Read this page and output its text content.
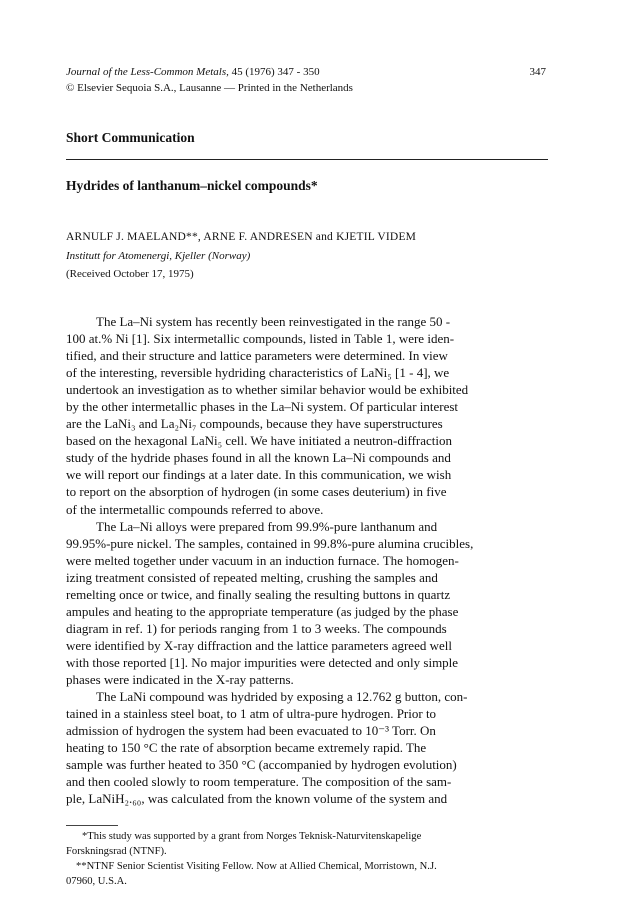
Journal of the Less-Common Metals, 45 (1976) 347 - 350
© Elsevier Sequoia S.A., Lausanne — Printed in the Netherlands
347
Short Communication
Hydrides of lanthanum–nickel compounds*
ARNULF J. MAELAND**, ARNE F. ANDRESEN and KJETIL VIDEM
Institutt for Atomenergi, Kjeller (Norway)
(Received October 17, 1975)
The La–Ni system has recently been reinvestigated in the range 50 -
100 at.% Ni [1]. Six intermetallic compounds, listed in Table 1, were iden-
tified, and their structure and lattice parameters were determined. In view
of the interesting, reversible hydriding characteristics of LaNi₅ [1 - 4], we
undertook an investigation as to whether similar behavior would be exhibited
by the other intermetallic phases in the La–Ni system. Of particular interest
are the LaNi₃ and La₂Ni₇ compounds, because they have superstructures
based on the hexagonal LaNi₅ cell. We have initiated a neutron-diffraction
study of the hydride phases found in all the known La–Ni compounds and
we will report our findings at a later date. In this communication, we wish
to report on the absorption of hydrogen (in some cases deuterium) in five
of the intermetallic compounds referred to above.
The La–Ni alloys were prepared from 99.9%-pure lanthanum and
99.95%-pure nickel. The samples, contained in 99.8%-pure alumina crucibles,
were melted together under vacuum in an induction furnace. The homogen-
izing treatment consisted of repeated melting, crushing the samples and
remelting once or twice, and finally sealing the resulting buttons in quartz
ampules and heating to the appropriate temperature (as judged by the phase
diagram in ref. 1) for periods ranging from 1 to 3 weeks. The compounds
were identified by X-ray diffraction and the lattice parameters agreed well
with those reported [1]. No major impurities were detected and only simple
phases were indicated in the X-ray patterns.
The LaNi compound was hydrided by exposing a 12.762 g button, con-
tained in a stainless steel boat, to 1 atm of ultra-pure hydrogen. Prior to
admission of hydrogen the system had been evacuated to 10⁻³ Torr. On
heating to 150 °C the rate of absorption became extremely rapid. The
sample was further heated to 350 °C (accompanied by hydrogen evolution)
and then cooled slowly to room temperature. The composition of the sam-
ple, LaNiH₂.₆₀, was calculated from the known volume of the system and
*This study was supported by a grant from Norges Teknisk-Naturvitenskapelige
Forskningsrad (NTNF).
**NTNF Senior Scientist Visiting Fellow. Now at Allied Chemical, Morristown, N.J.
07960, U.S.A.
